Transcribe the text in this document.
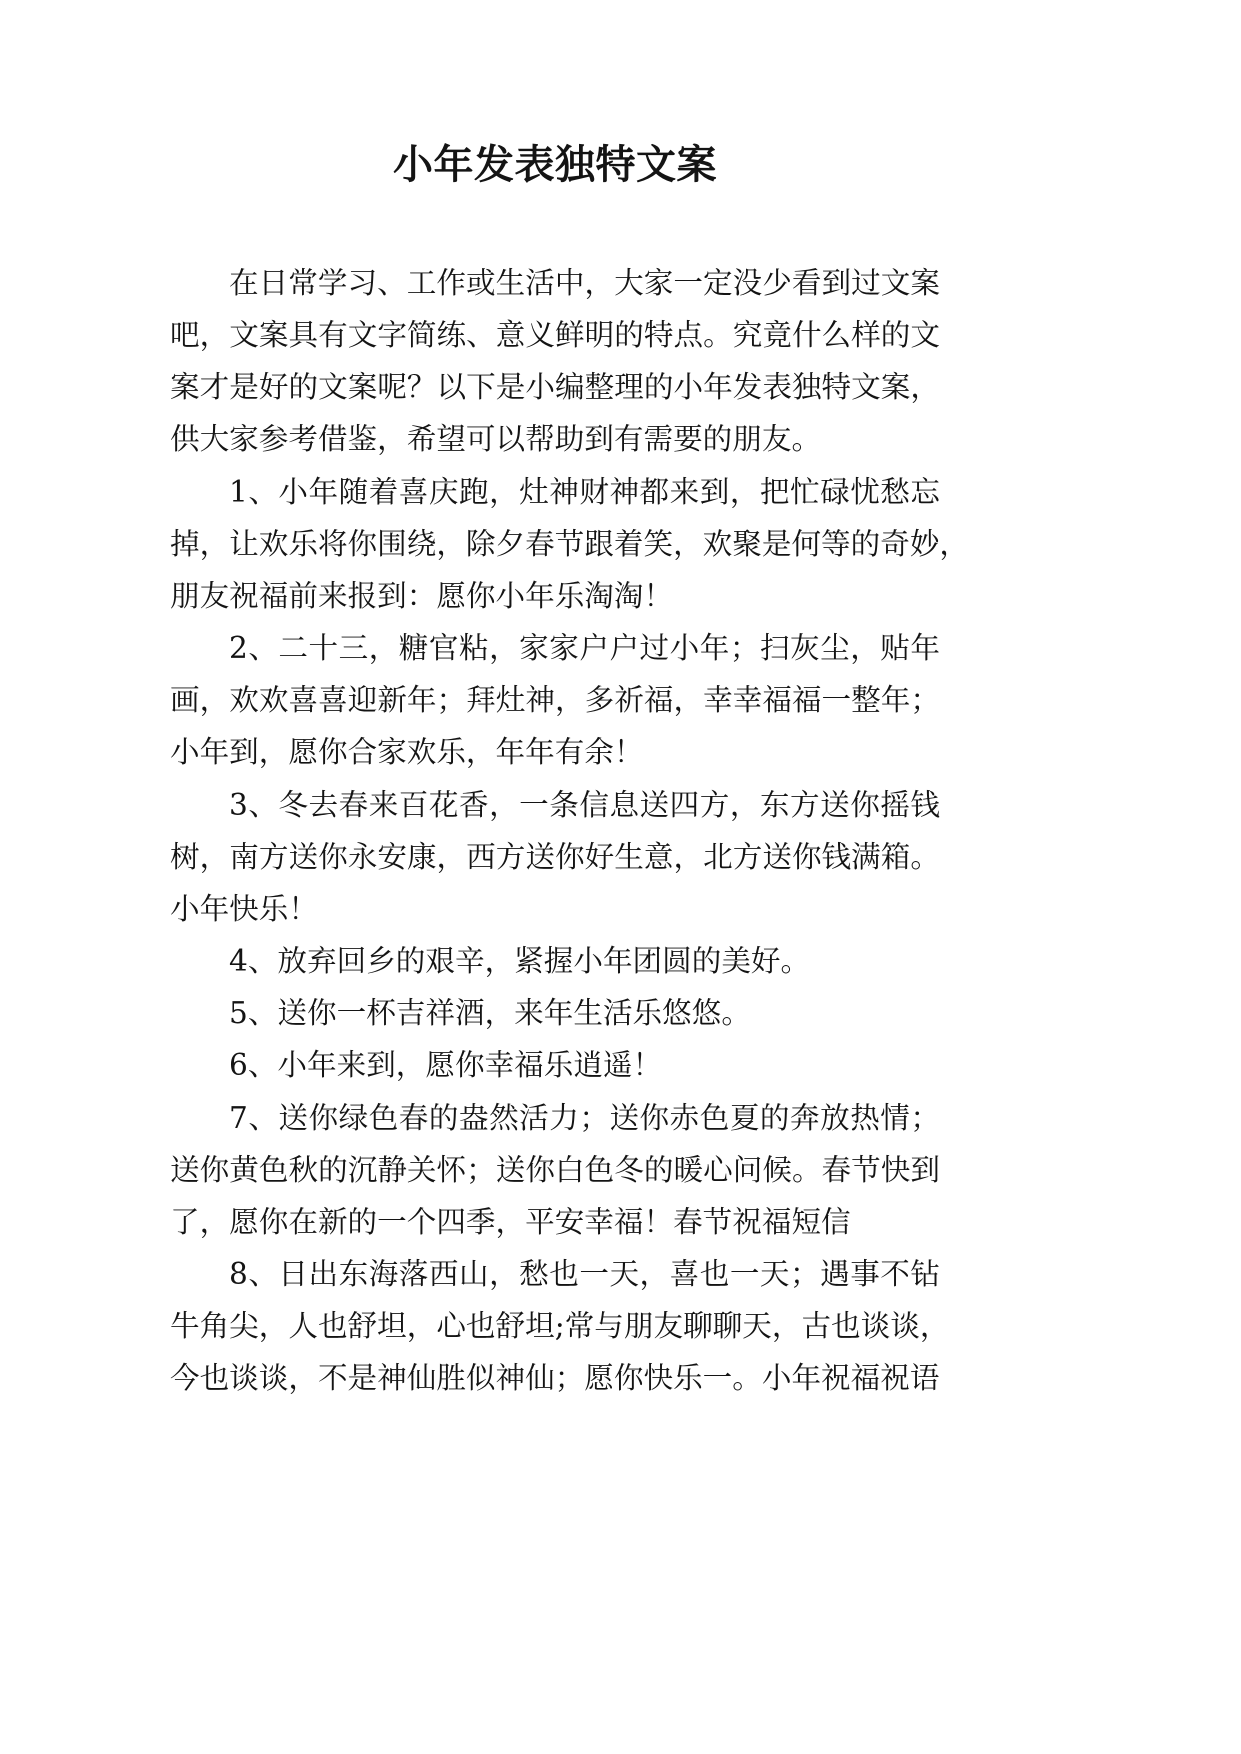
小年发表独特文案
在日常学习、工作或生活中，大家一定没少看到过文案
吧，文案具有文字简练、意义鲜明的特点。究竟什么样的文
案才是好的文案呢？以下是小编整理的小年发表独特文案，
供大家参考借鉴，希望可以帮助到有需要的朋友。
1、小年随着喜庆跑，灶神财神都来到，把忙碌忧愁忘
掉，让欢乐将你围绕，除夕春节跟着笑，欢聚是何等的奇妙，
朋友祝福前来报到：愿你小年乐淘淘！
2、二十三，糖官粘，家家户户过小年；扫灰尘，贴年
画，欢欢喜喜迎新年；拜灶神，多祈福，幸幸福福一整年；
小年到，愿你合家欢乐，年年有余！
3、冬去春来百花香，一条信息送四方，东方送你摇钱
树，南方送你永安康，西方送你好生意，北方送你钱满箱。
小年快乐！
4、放弃回乡的艰辛，紧握小年团圆的美好。
5、送你一杯吉祥酒，来年生活乐悠悠。
6、小年来到，愿你幸福乐逍遥！
7、送你绿色春的盎然活力；送你赤色夏的奔放热情；
送你黄色秋的沉静关怀；送你白色冬的暖心问候。春节快到
了，愿你在新的一个四季，平安幸福！春节祝福短信
8、日出东海落西山，愁也一天，喜也一天；遇事不钻
牛角尖，人也舒坦，心也舒坦;常与朋友聊聊天，古也谈谈，
今也谈谈，不是神仙胜似神仙；愿你快乐一。小年祝福祝语
